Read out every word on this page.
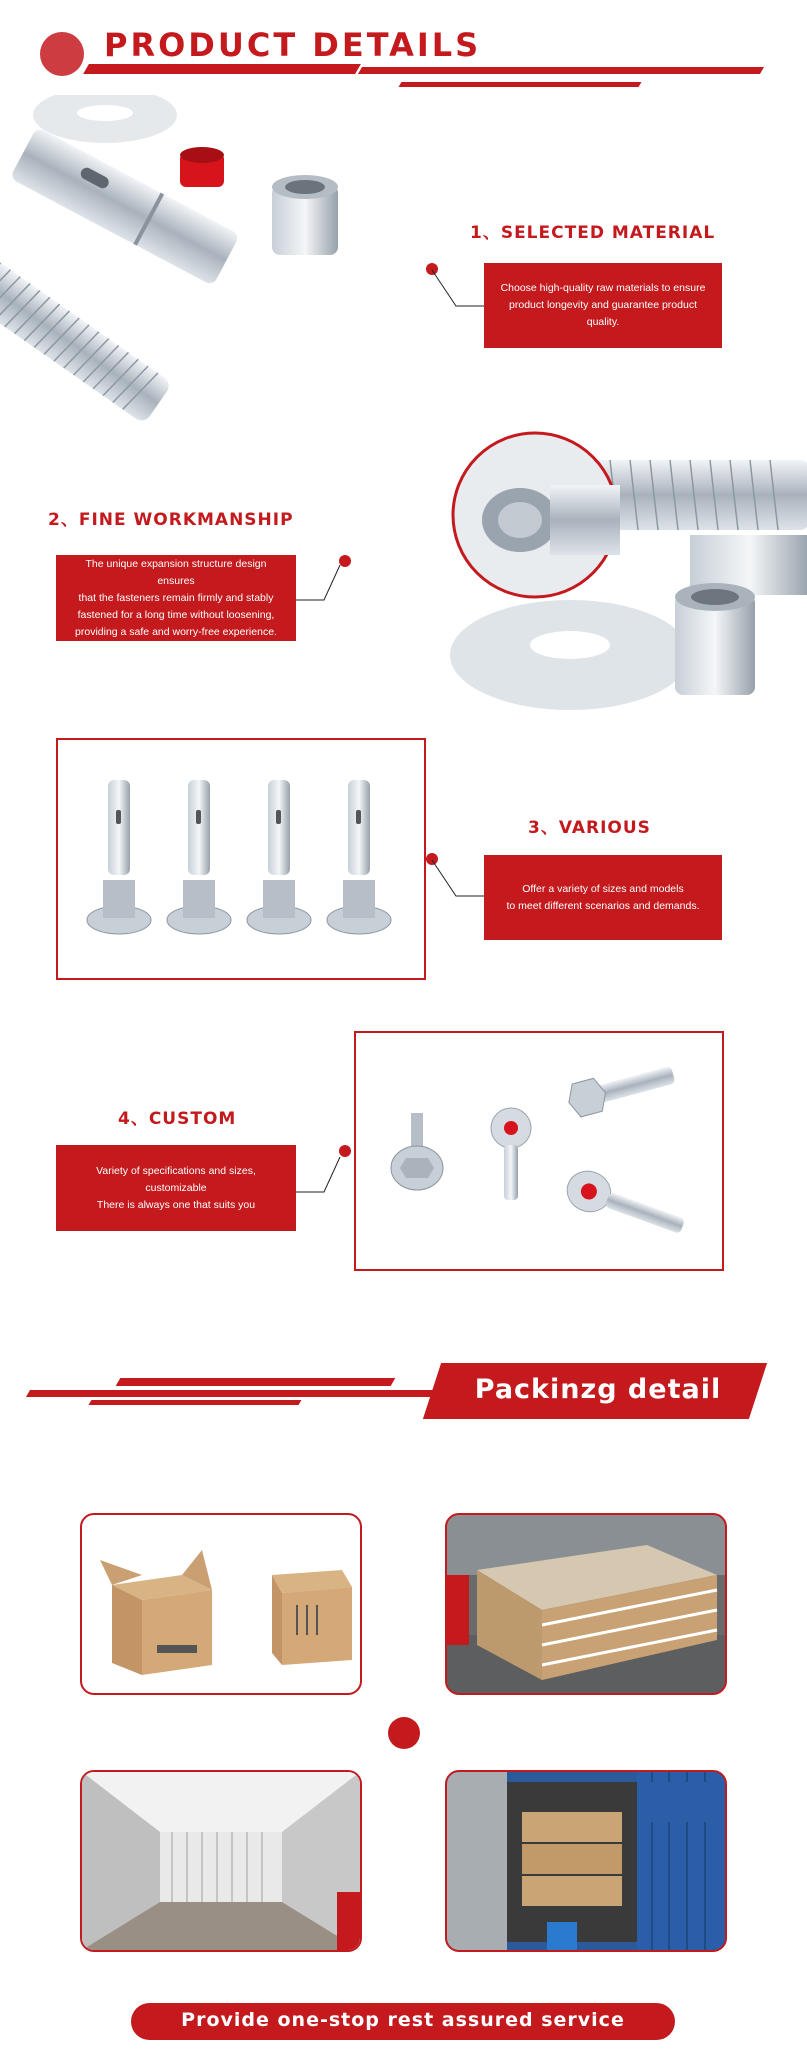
PRODUCT DETAILS
1、SELECTED MATERIAL
Choose high-quality raw materials to ensure
product longevity and guarantee product quality.
2、FINE WORKMANSHIP
The unique expansion structure design ensures
that the fasteners remain firmly and stably
fastened for a long time without loosening,
providing a safe and worry-free experience.
3、VARIOUS
Offer a variety of sizes and models
to meet different scenarios and demands.
4、CUSTOM
Variety of specifications and sizes,
customizable
There is always one that suits you
Packinzg detail
Provide one-stop rest assured service
